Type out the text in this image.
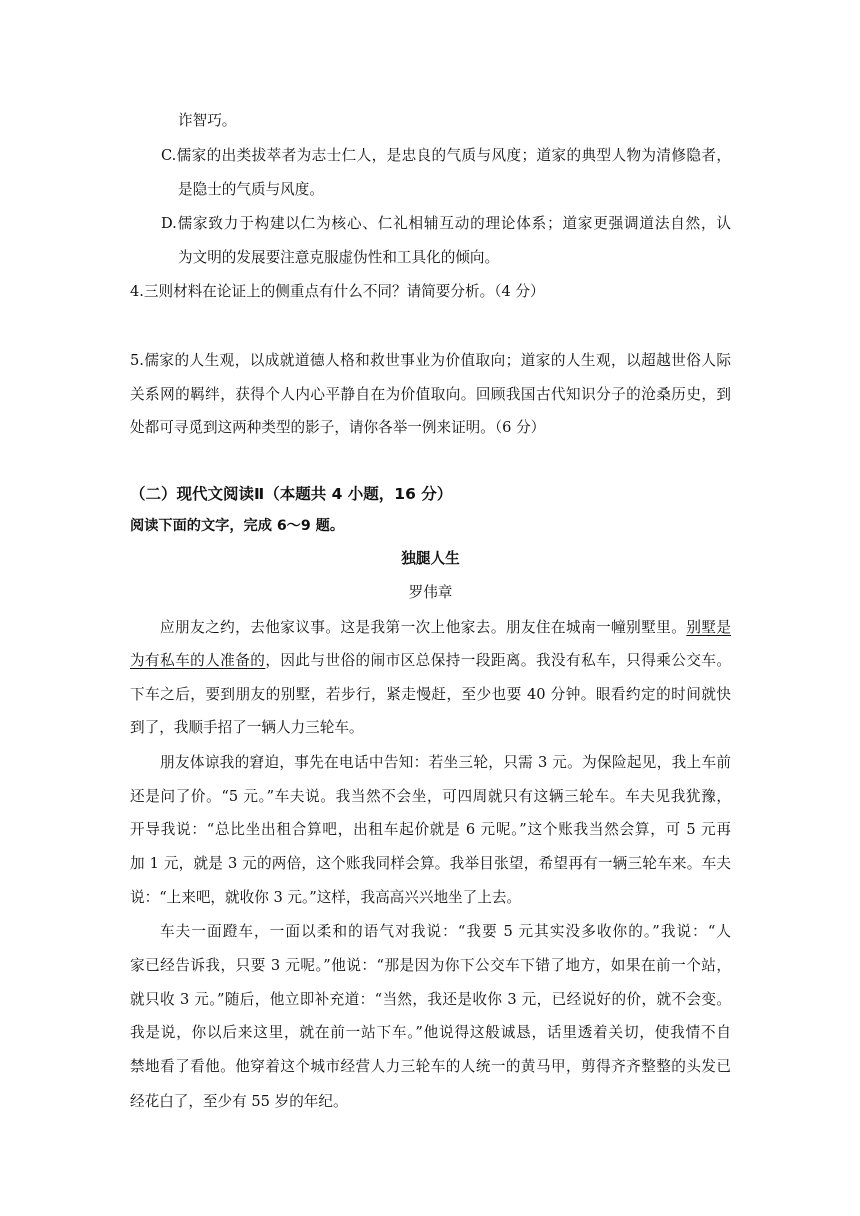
诈智巧。
C.儒家的出类拔萃者为志士仁人，是忠良的气质与风度；道家的典型人物为清修隐者，
是隐士的气质与风度。
D.儒家致力于构建以仁为核心、仁礼相辅互动的理论体系；道家更强调道法自然，认
为文明的发展要注意克服虚伪性和工具化的倾向。
4.三则材料在论证上的侧重点有什么不同？请简要分析。（4 分）
5.儒家的人生观，以成就道德人格和救世事业为价值取向；道家的人生观，以超越世俗人际
关系网的羁绊，获得个人内心平静自在为价值取向。回顾我国古代知识分子的沧桑历史，到
处都可寻觅到这两种类型的影子，请你各举一例来证明。（6 分）
（二）现代文阅读Ⅱ（本题共 4 小题，16 分）
阅读下面的文字，完成 6～9 题。
独腿人生
罗伟章
应朋友之约，去他家议事。这是我第一次上他家去。朋友住在城南一幢别墅里。别墅是
为有私车的人准备的，因此与世俗的闹市区总保持一段距离。我没有私车，只得乘公交车。
下车之后，要到朋友的别墅，若步行，紧走慢赶，至少也要 40 分钟。眼看约定的时间就快
到了，我顺手招了一辆人力三轮车。
朋友体谅我的窘迫，事先在电话中告知：若坐三轮，只需 3 元。为保险起见，我上车前
还是问了价。“5 元。”车夫说。我当然不会坐，可四周就只有这辆三轮车。车夫见我犹豫，
开导我说：“总比坐出租合算吧，出租车起价就是 6 元呢。”这个账我当然会算，可 5 元再
加 1 元，就是 3 元的两倍，这个账我同样会算。我举目张望，希望再有一辆三轮车来。车夫
说：“上来吧，就收你 3 元。”这样，我高高兴兴地坐了上去。
车夫一面蹬车，一面以柔和的语气对我说：“我要 5 元其实没多收你的。”我说：“人
家已经告诉我，只要 3 元呢。”他说：“那是因为你下公交车下错了地方，如果在前一个站，
就只收 3 元。”随后，他立即补充道：“当然，我还是收你 3 元，已经说好的价，就不会变。
我是说，你以后来这里，就在前一站下车。”他说得这般诚恳，话里透着关切，使我情不自
禁地看了看他。他穿着这个城市经营人力三轮车的人统一的黄马甲，剪得齐齐整整的头发已
经花白了，至少有 55 岁的年纪。
